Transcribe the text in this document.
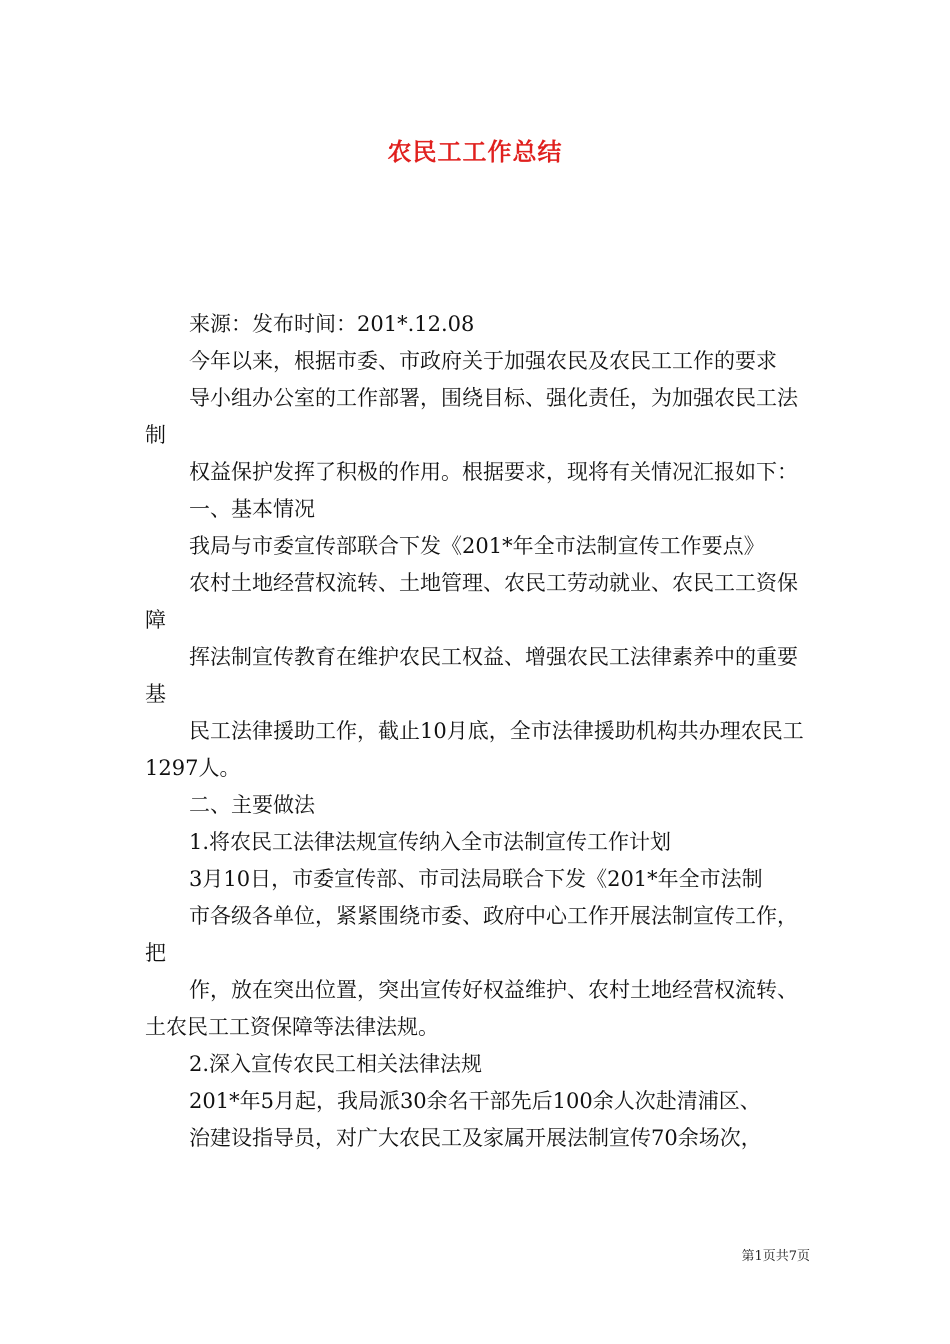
农民工工作总结

来源：发布时间：201*.12.08

今年以来，根据市委、市政府关于加强农民及农民工工作的要求

导小组办公室的工作部署，围绕目标、强化责任，为加强农民工法制

权益保护发挥了积极的作用。根据要求，现将有关情况汇报如下：

一、基本情况

我局与市委宣传部联合下发《201*年全市法制宣传工作要点》

农村土地经营权流转、土地管理、农民工劳动就业、农民工工资保障

挥法制宣传教育在维护农民工权益、增强农民工法律素养中的重要基

民工法律援助工作，截止10月底，全市法律援助机构共办理农民工1297人。

二、主要做法

1.将农民工法律法规宣传纳入全市法制宣传工作计划

3月10日，市委宣传部、市司法局联合下发《201*年全市法制

市各级各单位，紧紧围绕市委、政府中心工作开展法制宣传工作，把

作，放在突出位置，突出宣传好权益维护、农村土地经营权流转、土农民工工资保障等法律法规。

2.深入宣传农民工相关法律法规

201*年5月起，我局派30余名干部先后100余人次赴清浦区、

治建设指导员，对广大农民工及家属开展法制宣传70余场次，

第1页共7页
